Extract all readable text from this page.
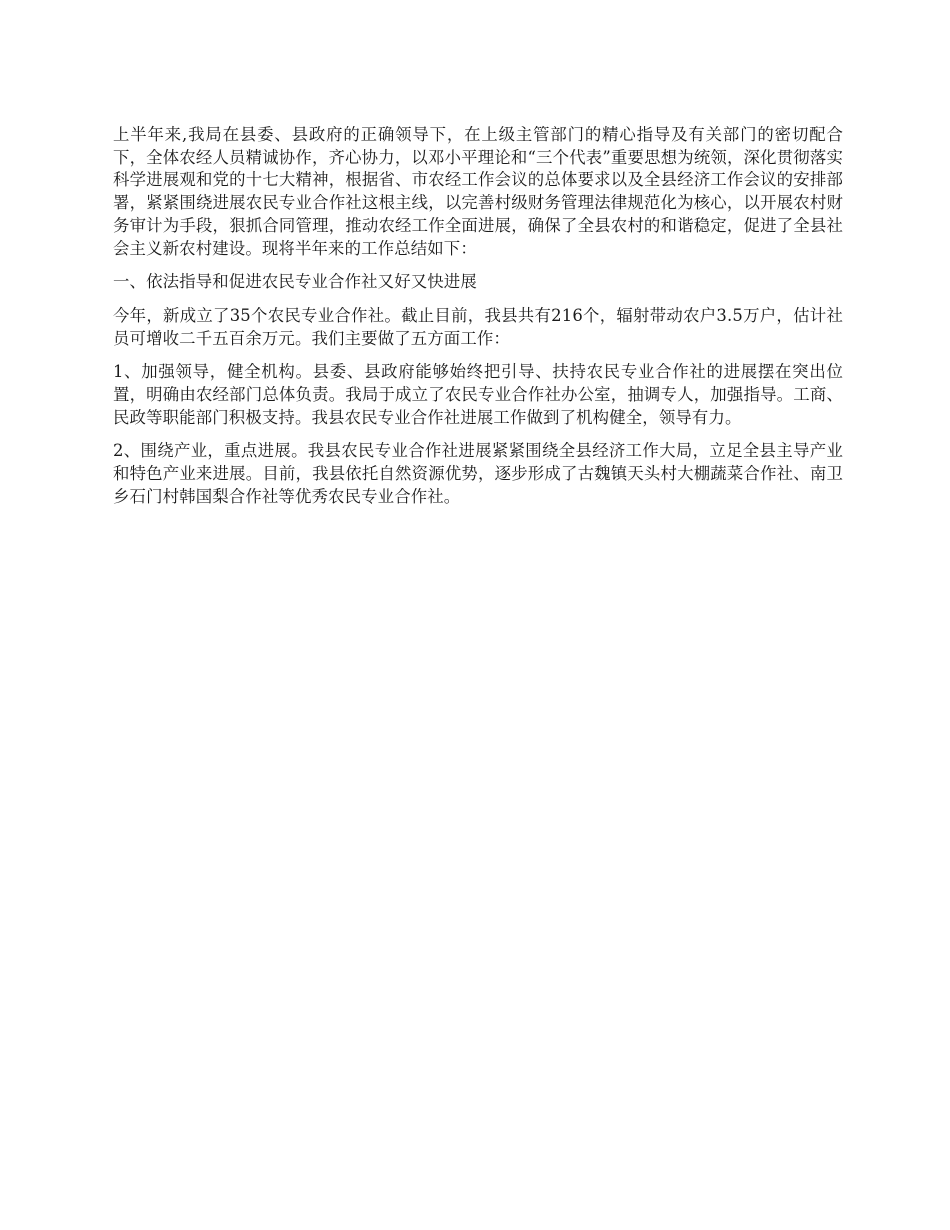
上半年来,我局在县委、县政府的正确领导下，在上级主管部门的精心指导及有关部门的密切配合下，全体农经人员精诚协作，齐心协力，以邓小平理论和“三个代表”重要思想为统领，深化贯彻落实科学进展观和党的十七大精神，根据省、市农经工作会议的总体要求以及全县经济工作会议的安排部署，紧紧围绕进展农民专业合作社这根主线，以完善村级财务管理法律规范化为核心，以开展农村财务审计为手段，狠抓合同管理，推动农经工作全面进展，确保了全县农村的和谐稳定，促进了全县社会主义新农村建设。现将半年来的工作总结如下：

一、依法指导和促进农民专业合作社又好又快进展

今年，新成立了35个农民专业合作社。截止目前，我县共有216个，辐射带动农户3.5万户，估计社员可增收二千五百余万元。我们主要做了五方面工作：

1、加强领导，健全机构。县委、县政府能够始终把引导、扶持农民专业合作社的进展摆在突出位置，明确由农经部门总体负责。我局于成立了农民专业合作社办公室，抽调专人，加强指导。工商、民政等职能部门积极支持。我县农民专业合作社进展工作做到了机构健全，领导有力。

2、围绕产业，重点进展。我县农民专业合作社进展紧紧围绕全县经济工作大局，立足全县主导产业和特色产业来进展。目前，我县依托自然资源优势，逐步形成了古魏镇天头村大棚蔬菜合作社、南卫乡石门村韩国梨合作社等优秀农民专业合作社。
